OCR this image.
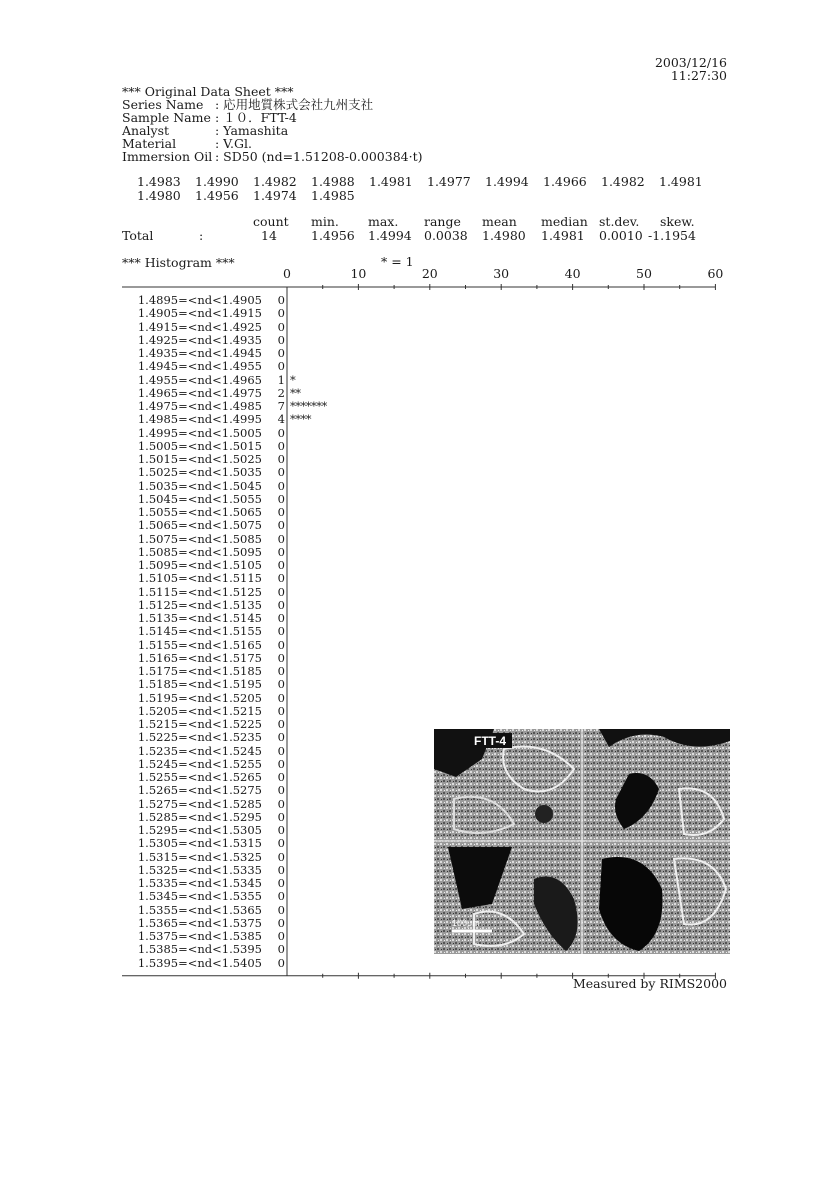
2003/12/16
11:27:30
*** Original Data Sheet ***
Series Name : 応用地質株式会社九州支社
Sample Name
: １０．FTT-4
Analyst : Yamashita
Material : V.Gl.
Immersion Oil : SD50 (nd=1.51208-0.000384·t)
1.4983 1.4990 1.4982 1.4988 1.4981 1.4977 1.4994 1.4966 1.4982 1.4981
1.4980 1.4956 1.4974 1.4985
count min. max. range mean median st.dev. skew.
Total	:	14	1.4956 1.4994 0.0038 1.4980 1.4981 0.0010 -1.1954
*** Histogram ***	* = 1
0	10	20	30	40	50	60
1.4895=<nd<1.4905	0
1.4905=<nd<1.4915	0
1.4915=<nd<1.4925	0
1.4925=<nd<1.4935	0
1.4935=<nd<1.4945	0
1.4945=<nd<1.4955	0
1.4955=<nd<1.4965	1 *
1.4965=<nd<1.4975	2 **
1.4975=<nd<1.4985	7 *******
1.4985=<nd<1.4995	4 ****
1.4995=<nd<1.5005	0
1.5005=<nd<1.5015	0
1.5015=<nd<1.5025	0
1.5025=<nd<1.5035	0
1.5035=<nd<1.5045	0
1.5045=<nd<1.5055	0
1.5055=<nd<1.5065	0
1.5065=<nd<1.5075	0
1.5075=<nd<1.5085	0
1.5085=<nd<1.5095	0
1.5095=<nd<1.5105	0
1.5105=<nd<1.5115	0
1.5115=<nd<1.5125	0
1.5125=<nd<1.5135	0
1.5135=<nd<1.5145	0
1.5145=<nd<1.5155	0
1.5155=<nd<1.5165	0
1.5165=<nd<1.5175	0
1.5175=<nd<1.5185	0
1.5185=<nd<1.5195	0
1.5195=<nd<1.5205	0
1.5205=<nd<1.5215	0
1.5215=<nd<1.5225	0
1.5225=<nd<1.5235	0
1.5235=<nd<1.5245	0
1.5245=<nd<1.5255	0
1.5255=<nd<1.5265	0
1.5265=<nd<1.5275	0
1.5275=<nd<1.5285	0
1.5285=<nd<1.5295	0
1.5295=<nd<1.5305	0
1.5305=<nd<1.5315	0
1.5315=<nd<1.5325	0
1.5325=<nd<1.5335	0
1.5335=<nd<1.5345	0
1.5345=<nd<1.5355	0
1.5355=<nd<1.5365	0
1.5365=<nd<1.5375	0
1.5375=<nd<1.5385	0
1.5385=<nd<1.5395	0
1.5395=<nd<1.5405	0
FTT-4
100μm
Measured by RIMS2000
